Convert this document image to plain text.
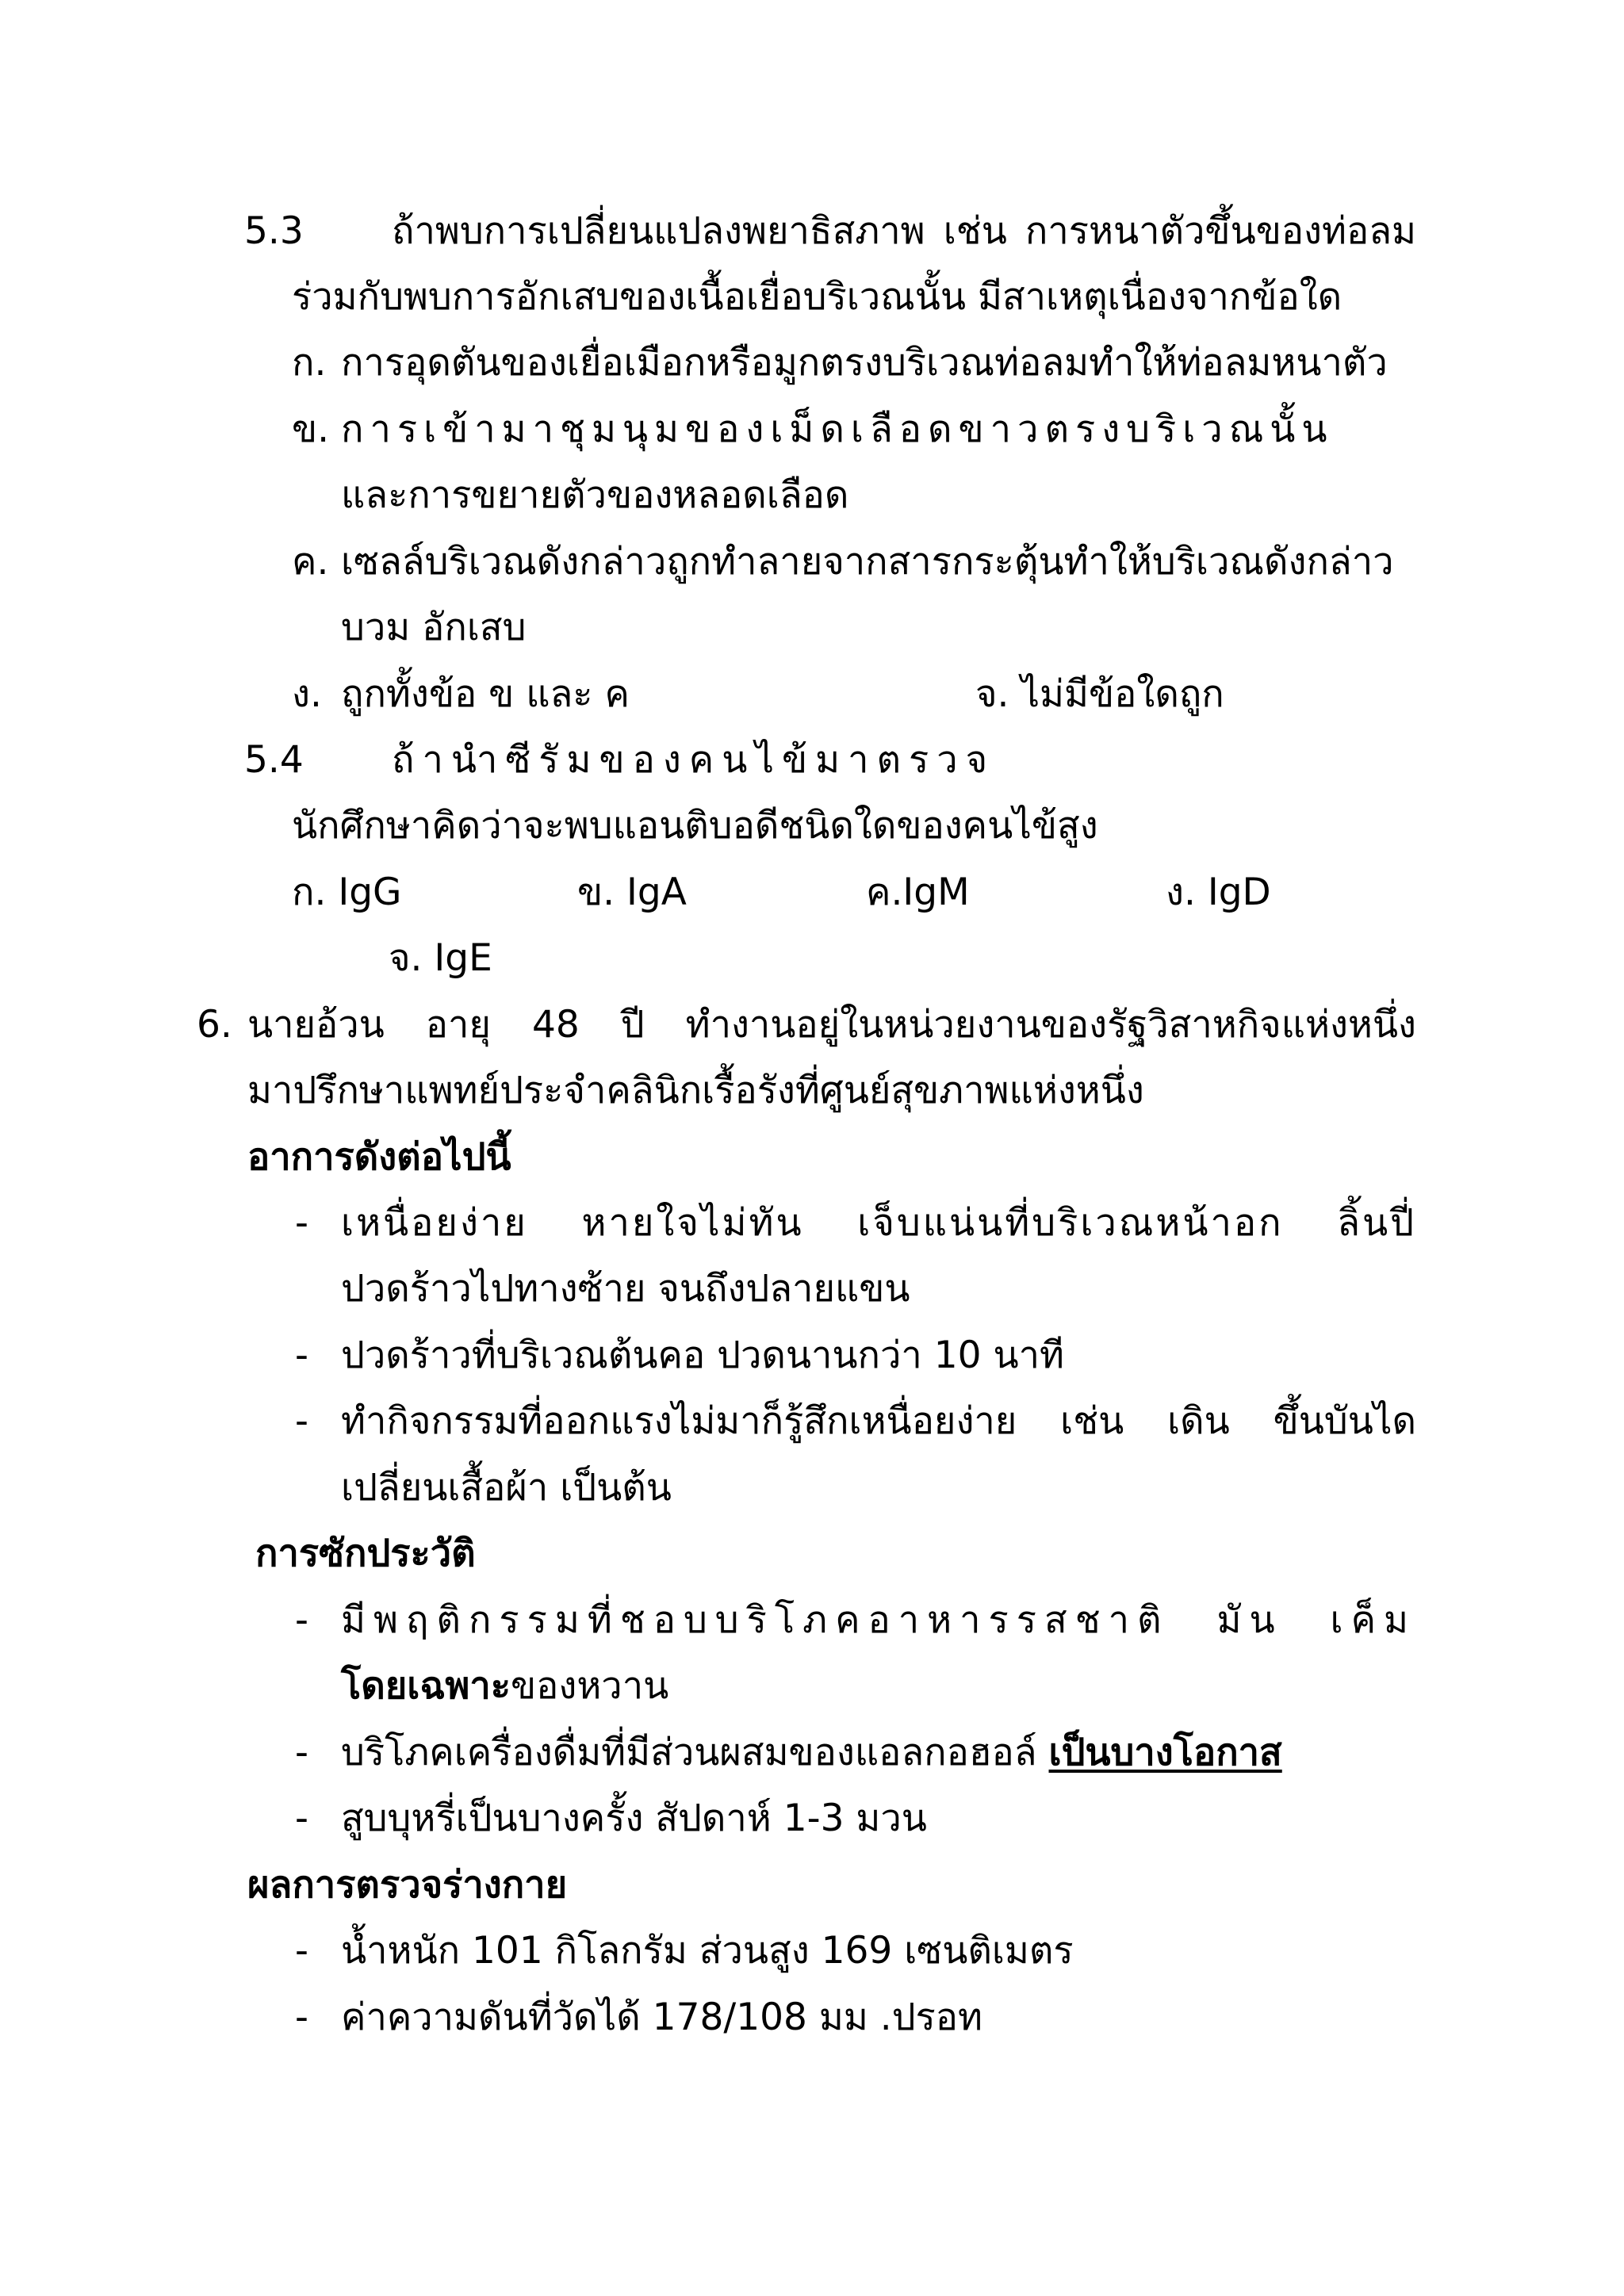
5.3 ถ้าพบการเปลี่ยนแปลงพยาธิสภาพ เช่น การหนาตัวขึ้นของท่อลม
ร่วมกับพบการอักเสบของเนื้อเยื่อบริเวณนั้น มีสาเหตุเนื่องจากข้อใด
ก. การอุดตันของเยื่อเมือกหรือมูกตรงบริเวณท่อลมทำให้ท่อลมหนาตัว
ข. การเข้ามาชุมนุมของเม็ดเลือดขาวตรงบริเวณนั้น
และการขยายตัวของหลอดเลือด
ค. เซลล์บริเวณดังกล่าวถูกทำลายจากสารกระตุ้นทำให้บริเวณดังกล่าว
บวม อักเสบ
ง. ถูกทั้งข้อ ข และ ค	จ. ไม่มีข้อใดถูก
5.4 ถ้านำซีรัมของคนไข้มาตรวจ
นักศึกษาคิดว่าจะพบแอนติบอดีชนิดใดของคนไข้สูง
ก. IgG	ข. IgA	ค.IgM	ง. IgD
จ. IgE
6. นายอ้วน อายุ 48 ปี ทำงานอยู่ในหน่วยงานของรัฐวิสาหกิจแห่งหนึ่ง
มาปรึกษาแพทย์ประจำคลินิกเรื้อรังที่ศูนย์สุขภาพแห่งหนึ่ง
อาการดังต่อไปนี้
- เหนื่อยง่าย หายใจไม่ทัน เจ็บแน่นที่บริเวณหน้าอก ลิ้นปี่
ปวดร้าวไปทางซ้าย จนถึงปลายแขน
- ปวดร้าวที่บริเวณต้นคอ ปวดนานกว่า 10 นาที
- ทำกิจกรรมที่ออกแรงไม่มาก็รู้สึกเหนื่อยง่าย เช่น เดิน ขึ้นบันได
เปลี่ยนเสื้อผ้า เป็นต้น
การซักประวัติ
- มีพฤติกรรมที่ชอบบริโภคอาหารรสชาติ มัน เค็ม
โดยเฉพาะของหวาน
- บริโภคเครื่องดื่มที่มีส่วนผสมของแอลกอฮอล์ เป็นบางโอกาส
- สูบบุหรี่เป็นบางครั้ง สัปดาห์ 1-3 มวน
ผลการตรวจร่างกาย
- น้ำหนัก 101 กิโลกรัม ส่วนสูง 169 เซนติเมตร
- ค่าความดันที่วัดได้ 178/108 มม .ปรอท
